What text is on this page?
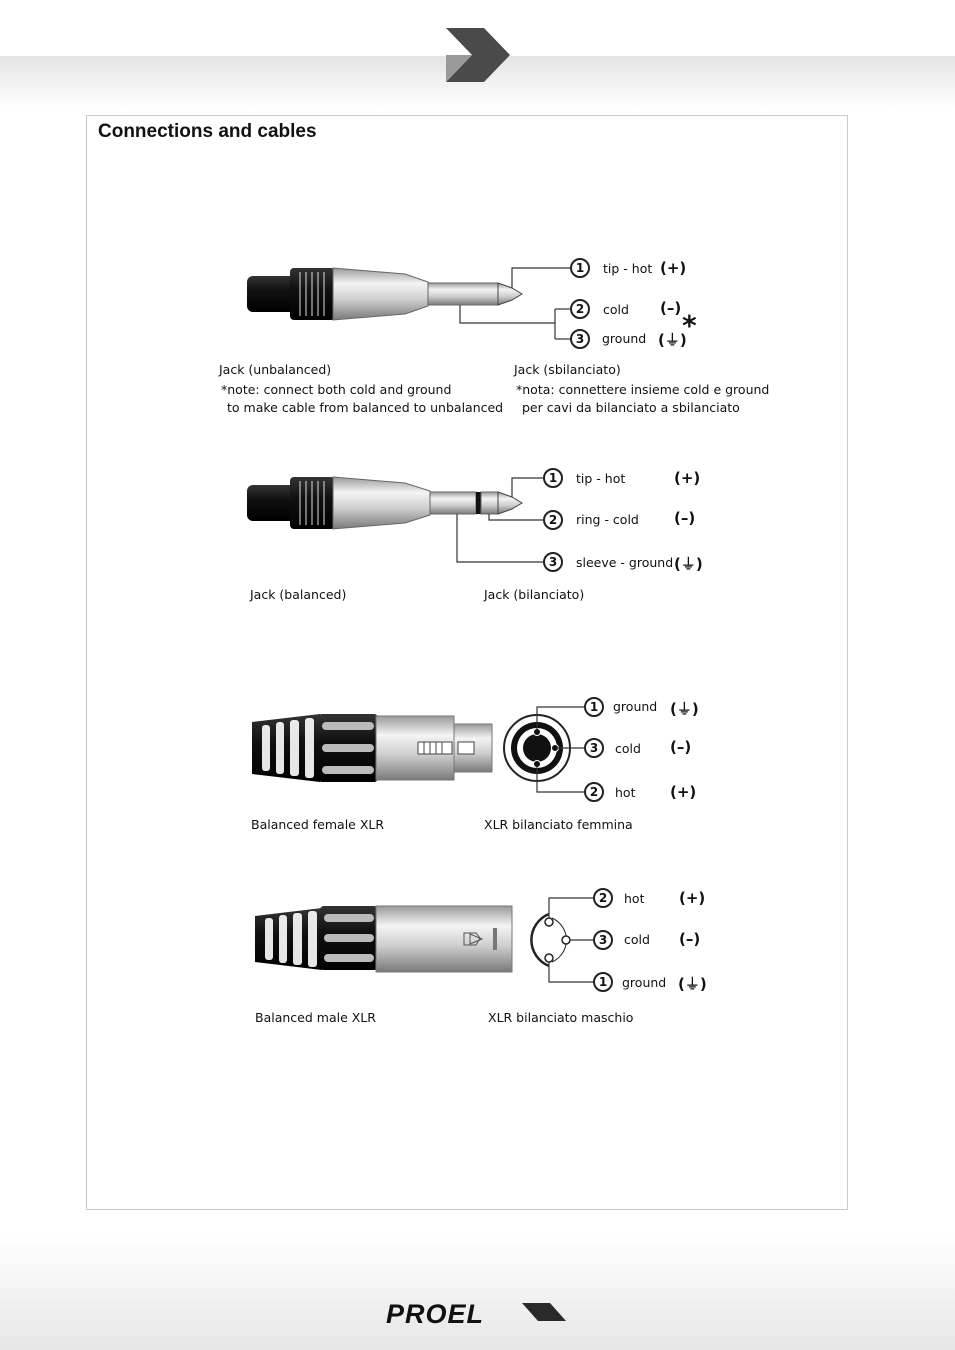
Connections and cables
1	tip - hot (+)
2	cold (–)
3	ground (⏚)
*
Jack (unbalanced)	Jack (sbilanciato)
*note: connect both cold and ground
to make cable from balanced to unbalanced
*nota: connettere insieme cold e ground
per cavi da bilanciato a sbilanciato
1	tip - hot	(+)
2	ring - cold (–)
3	sleeve - ground (⏚)
Jack (balanced)	Jack (bilanciato)
1	ground (⏚)
3	cold (–)
2	hot (+)
Balanced female XLR	XLR bilanciato femmina
2	hot (+)
3	cold (–)
1	ground (⏚)
Balanced male XLR	XLR bilanciato maschio
PROEL
